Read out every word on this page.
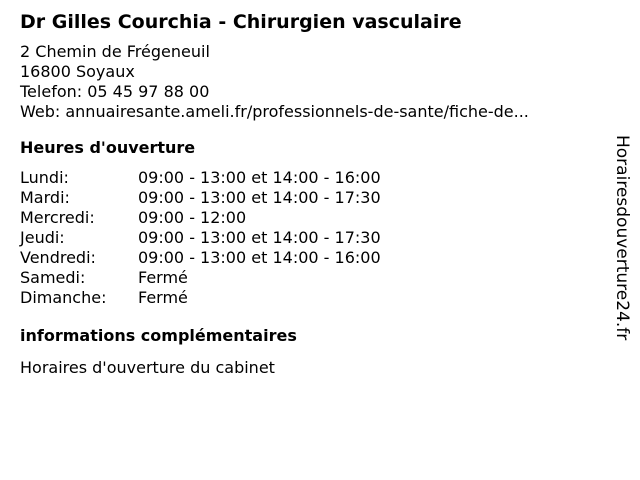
Dr Gilles Courchia - Chirurgien vasculaire
2 Chemin de Frégeneuil
16800 Soyaux
Telefon: 05 45 97 88 00
Web: annuairesante.ameli.fr/professionnels-de-sante/fiche-de...
Heures d'ouverture
Lundi:	09:00 - 13:00 et 14:00 - 16:00
Mardi:	09:00 - 13:00 et 14:00 - 17:30
Mercredi:	09:00 - 12:00
Jeudi:	09:00 - 13:00 et 14:00 - 17:30
Vendredi:	09:00 - 13:00 et 14:00 - 16:00
Samedi:	Fermé
Dimanche:	Fermé
informations complémentaires
Horaires d'ouverture du cabinet
Horairesdouverture24.fr
